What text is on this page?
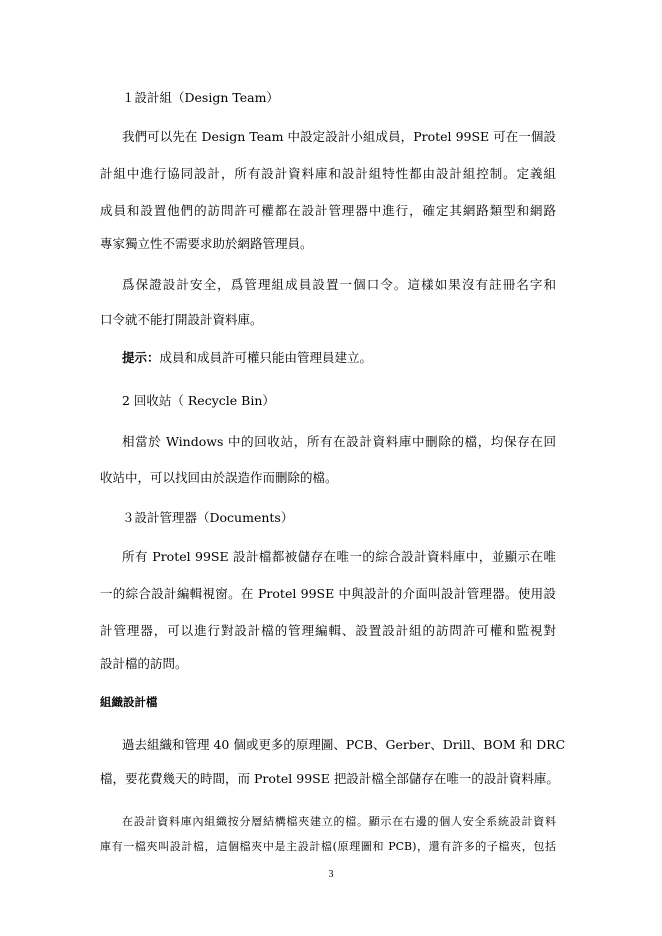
１設計組（Design Team）
我們可以先在 Design Team 中設定設計小組成員，Protel 99SE 可在一個設
計組中進行協同設計，所有設計資料庫和設計組特性都由設計組控制。定義組
成員和設置他們的訪問許可權都在設計管理器中進行，確定其網路類型和網路
專家獨立性不需要求助於網路管理員。
爲保證設計安全，爲管理組成員設置一個口令。這樣如果沒有註冊名字和
口令就不能打開設計資料庫。
提示：成員和成員許可權只能由管理員建立。
2 回收站（ Recycle Bin）
相當於 Windows 中的回收站，所有在設計資料庫中刪除的檔，均保存在回
收站中，可以找回由於誤造作而刪除的檔。
３設計管理器（Documents）
所有 Protel 99SE 設計檔都被儲存在唯一的綜合設計資料庫中，並顯示在唯
一的綜合設計編輯視窗。在 Protel 99SE 中與設計的介面叫設計管理器。使用設
計管理器，可以進行對設計檔的管理編輯、設置設計組的訪問許可權和監視對
設計檔的訪問。
組織設計檔
過去組織和管理 40 個或更多的原理圖、PCB、Gerber、Drill、BOM 和 DRC
檔，要花費幾天的時間，而 Protel 99SE 把設計檔全部儲存在唯一的設計資料庫。
在設計資料庫內組織按分層結構檔夾建立的檔。顯示在右邊的個人安全系統設計資料
庫有一檔夾叫設計檔，這個檔夾中是主設計檔(原理圖和 PCB)，還有許多的子檔夾，包括
3
